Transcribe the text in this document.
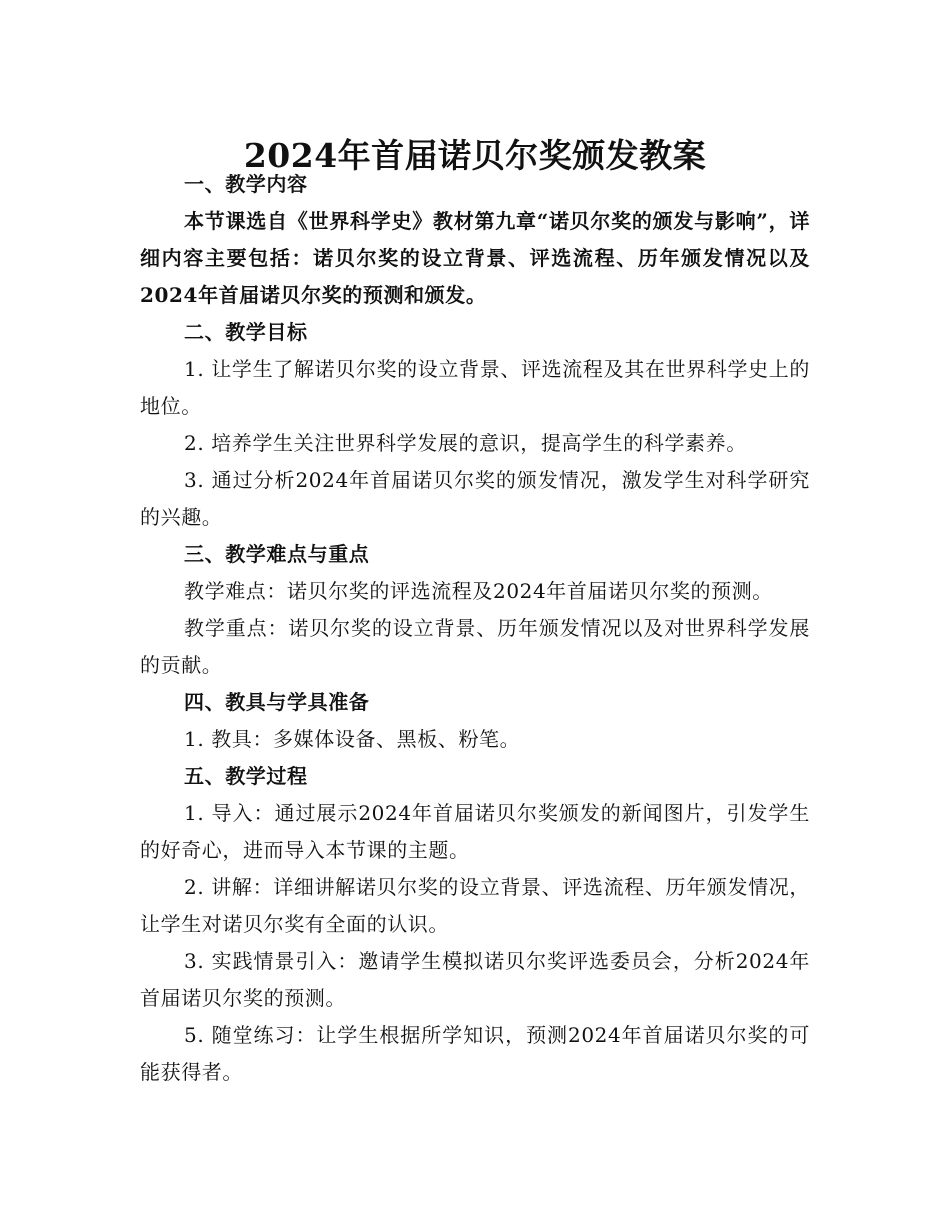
2024年首届诺贝尔奖颁发教案

一、教学内容

本节课选自《世界科学史》教材第九章“诺贝尔奖的颁发与影响”，详细内容主要包括：诺贝尔奖的设立背景、评选流程、历年颁发情况以及2024年首届诺贝尔奖的预测和颁发。

二、教学目标

1. 让学生了解诺贝尔奖的设立背景、评选流程及其在世界科学史上的地位。

2. 培养学生关注世界科学发展的意识，提高学生的科学素养。

3. 通过分析2024年首届诺贝尔奖的颁发情况，激发学生对科学研究的兴趣。

三、教学难点与重点

教学难点：诺贝尔奖的评选流程及2024年首届诺贝尔奖的预测。

教学重点：诺贝尔奖的设立背景、历年颁发情况以及对世界科学发展的贡献。

四、教具与学具准备

1. 教具：多媒体设备、黑板、粉笔。

五、教学过程

1. 导入：通过展示2024年首届诺贝尔奖颁发的新闻图片，引发学生的好奇心，进而导入本节课的主题。

2. 讲解：详细讲解诺贝尔奖的设立背景、评选流程、历年颁发情况，让学生对诺贝尔奖有全面的认识。

3. 实践情景引入：邀请学生模拟诺贝尔奖评选委员会，分析2024年首届诺贝尔奖的预测。

5. 随堂练习：让学生根据所学知识，预测2024年首届诺贝尔奖的可能获得者。
